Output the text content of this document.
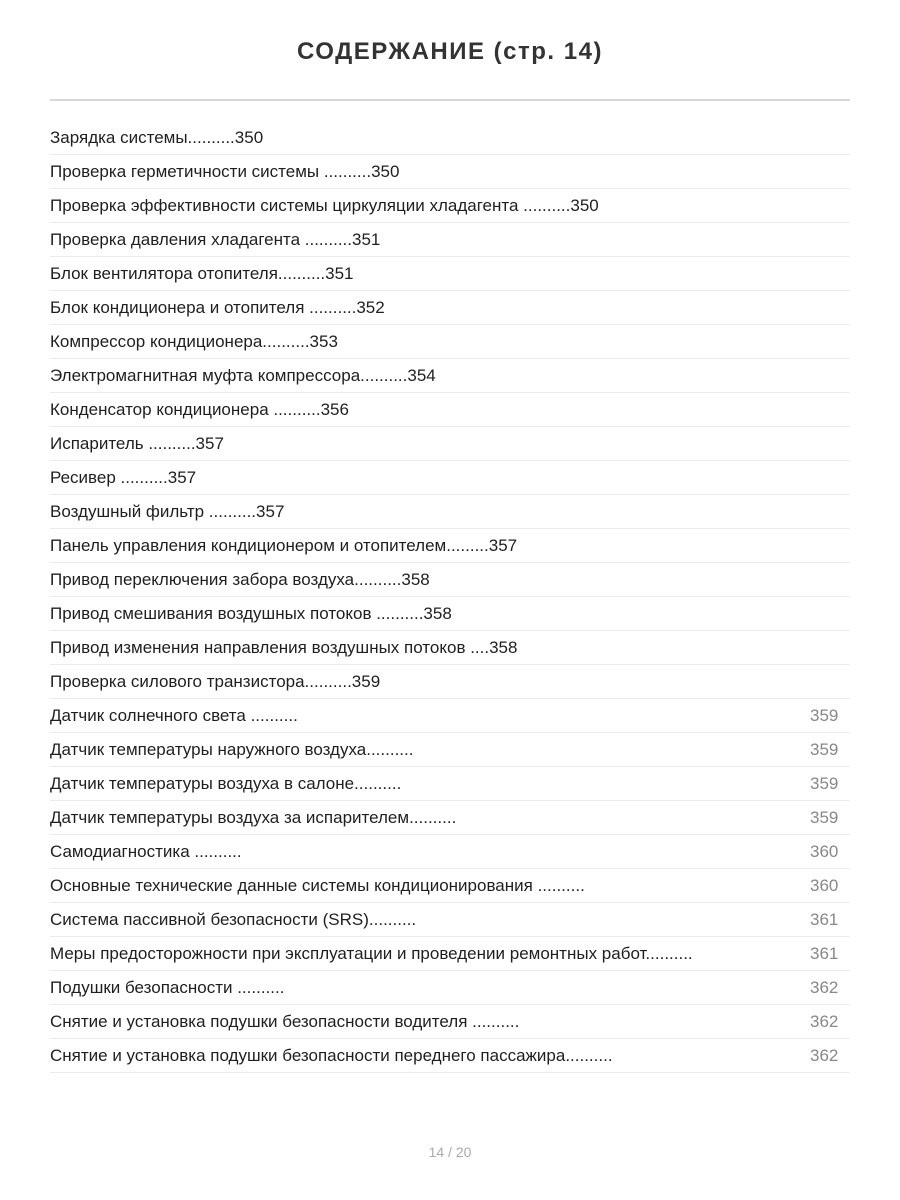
СОДЕРЖАНИЕ (стр. 14)
Зарядка системы..........350
Проверка герметичности системы ..........350
Проверка эффективности системы циркуляции хладагента ..........350
Проверка давления хладагента ..........351
Блок вентилятора отопителя..........351
Блок кондиционера и отопителя ..........352
Компрессор кондиционера..........353
Электромагнитная муфта компрессора..........354
Конденсатор кондиционера ..........356
Испаритель ..........357
Ресивер ..........357
Воздушный фильтр ..........357
Панель управления кондиционером и отопителем.........357
Привод переключения забора воздуха..........358
Привод смешивания воздушных потоков ..........358
Привод изменения направления воздушных потоков ....358
Проверка силового транзистора..........359
Датчик солнечного света ..........	359
Датчик температуры наружного воздуха..........	359
Датчик температуры воздуха в салоне..........	359
Датчик температуры воздуха за испарителем..........	359
Самодиагностика ..........	360
Основные технические данные системы кондиционирования ..........	360
Система пассивной безопасности (SRS)..........	361
Меры предосторожности при эксплуатации и проведении ремонтных работ..........	361
Подушки безопасности ..........	362
Снятие и установка подушки безопасности водителя ..........	362
Снятие и установка подушки безопасности переднего пассажира..........	362
14 / 20
